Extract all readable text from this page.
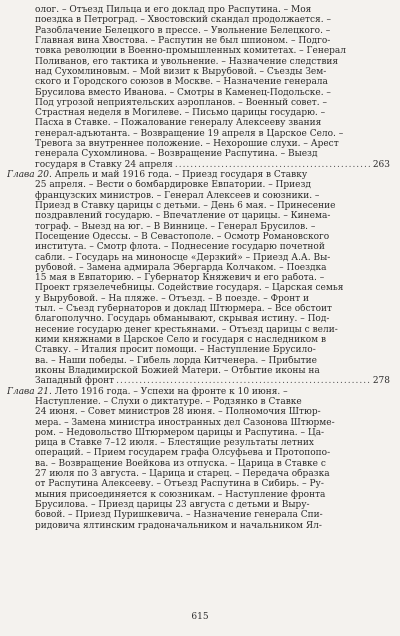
олог. – Отъезд Пильца и его доклад про Распутина. – Моя
поездка в Петроград. – Хвостовский скандал продолжается. –
Разоблачение Белецкого в прессе. – Увольнение Белецкого. –
Главная вина Хвостова. – Распутин не был шпионом. – Подго-
товка революции в Военно-промышленных комитетах. – Генерал
Поливанов, его тактика и увольнение. – Назначение следствия
над Сухомлиновым. – Мой визит к Вырубовой. – Съезды Зем-
ского и Городского союзов в Москве. – Назначение генерала
Брусилова вместо Иванова. – Смотры в Каменец-Подольске. –
Под угрозой неприятельских аэропланов. – Военный совет. –
Страстная неделя в Могилеве. – Письмо царицы государю. –
Пасха в Ставке. – Пожалование генералу Алексееву звания
генерал-адъютанта. – Возвращение 19 апреля в Царское Село. –
Тревога за внутреннее положение. – Нехорошие слухи. – Арест
генерала Сухомлинова. – Возвращение Распутина. – Выезд
государя в Ставку 24 апреля .....	263
Глава 20. Апрель и май 1916 года. – Приезд государя в Ставку
25 апреля. – Вести о бомбардировке Евпатории. – Приезд
французских министров. – Генерал Алексеев и союзники. –
Приезд в Ставку царицы с детьми. – День 6 мая. – Принесение
поздравлений государю. – Впечатление от царицы. – Кинема-
тограф. – Выезд на юг. – В Виннице. – Генерал Брусилов. –
Посещение Одессы. – В Севастополе. – Осмотр Романовского
института. – Смотр флота. – Поднесение государю почетной
сабли. – Государь на миноносце «Дерзкий» – Приезд А.А. Вы-
рубовой. – Замена адмирала Эбергарда Колчаком. – Поездка
15 мая в Евпаторию. – Губернатор Княжевич и его работа. –
Проект грязелечебницы. Содействие государя. – Царская семья
у Вырубовой. – На пляже. – Отъезд. – В поезде. – Фронт и
тыл. – Съезд губернаторов и доклад Штюрмера. – Все обстоит
благополучно. Государь обманывают, скрывая истину. – Под-
несение государю денег крестьянами. – Отъезд царицы с вели-
кими княжнами в Царское Село и государя с наследником в
Ставку. – Италия просит помощи. – Наступление Брусило-
ва. – Наши победы. – Гибель лорда Китченера. – Прибытие
иконы Владимирской Божией Матери. – Отбытие иконы на
Западный фронт .....	278
Глава 21. Лето 1916 года. – Успехи на фронте к 10 июня. –
Наступление. – Слухи о диктатуре. – Родзянко в Ставке
24 июня. – Совет министров 28 июня. – Полномочия Штюр-
мера. – Замена министра иностранных дел Сазонова Штюрме-
ром. – Недовольство Штюрмером царицы и Распутина. – Ца-
рица в Ставке 7–12 июля. – Блестящие результаты летних
операций. – Прием государем графа Олсуфьева и Протопопо-
ва. – Возвращение Воейкова из отпуска. – Царица в Ставке с
27 июля по 3 августа. – Царица и старец. – Передача образка
от Распутина Алексееву. – Отъезд Распутина в Сибирь. – Ру-
мыния присоединяется к союзникам. – Наступление фронта
Брусилова. – Приезд царицы 23 августа с детьми и Выру-
бовой. – Приезд Пуришкевича. – Назначение генерала Спи-
ридовича ялтинским градоначальником и начальником Ял-
615
